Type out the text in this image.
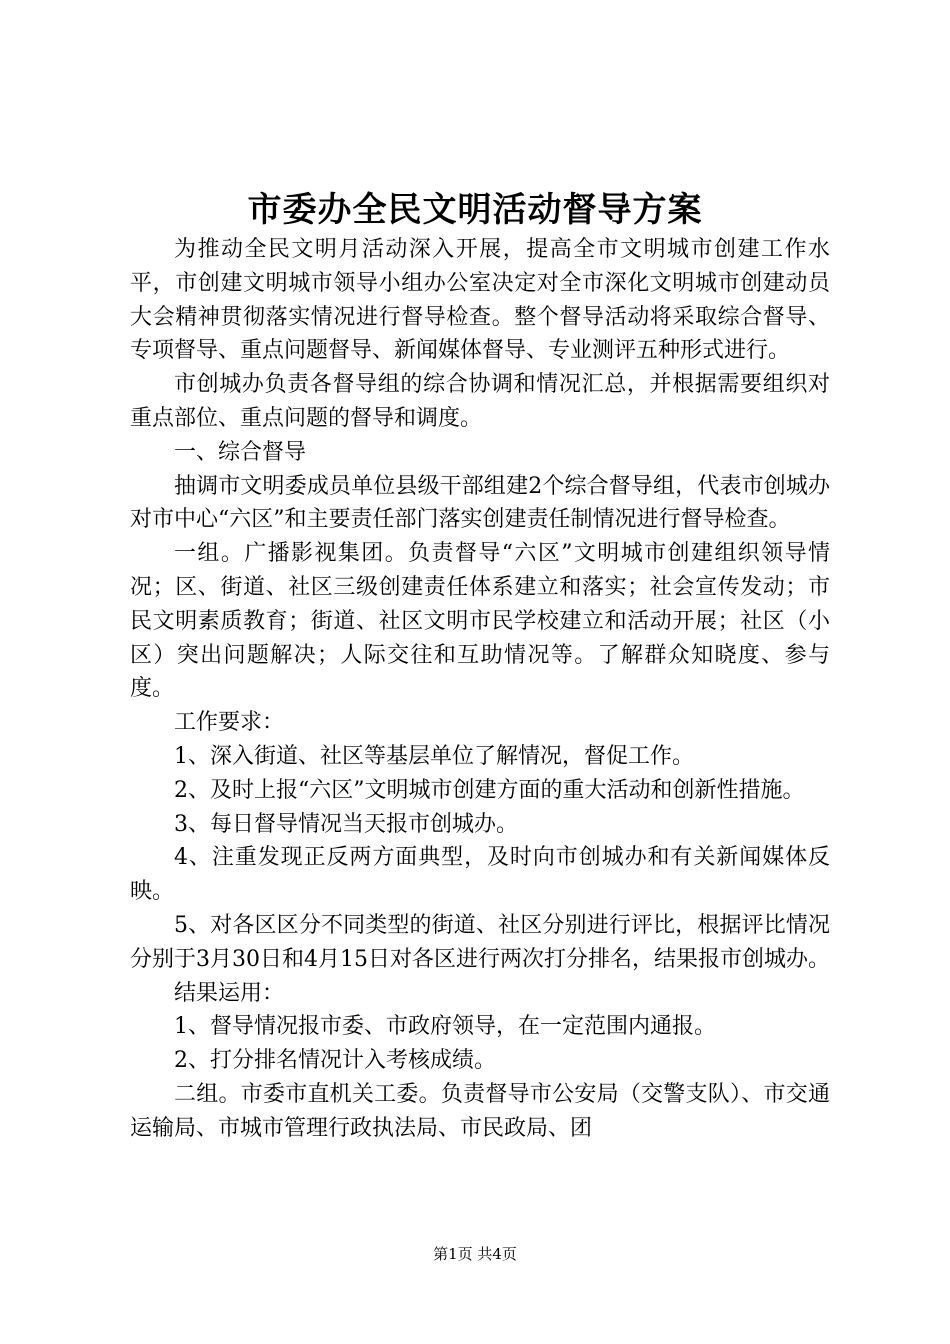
市委办全民文明活动督导方案

为推动全民文明月活动深入开展，提高全市文明城市创建工作水平，市创建文明城市领导小组办公室决定对全市深化文明城市创建动员大会精神贯彻落实情况进行督导检查。整个督导活动将采取综合督导、专项督导、重点问题督导、新闻媒体督导、专业测评五种形式进行。

市创城办负责各督导组的综合协调和情况汇总，并根据需要组织对重点部位、重点问题的督导和调度。

一、综合督导

抽调市文明委成员单位县级干部组建2个综合督导组，代表市创城办对市中心“六区”和主要责任部门落实创建责任制情况进行督导检查。

一组。广播影视集团。负责督导“六区”文明城市创建组织领导情况；区、街道、社区三级创建责任体系建立和落实；社会宣传发动；市民文明素质教育；街道、社区文明市民学校建立和活动开展；社区（小区）突出问题解决；人际交往和互助情况等。了解群众知晓度、参与度。

工作要求：

1、深入街道、社区等基层单位了解情况，督促工作。

2、及时上报“六区”文明城市创建方面的重大活动和创新性措施。

3、每日督导情况当天报市创城办。

4、注重发现正反两方面典型，及时向市创城办和有关新闻媒体反映。

5、对各区区分不同类型的街道、社区分别进行评比，根据评比情况分别于3月30日和4月15日对各区进行两次打分排名，结果报市创城办。

结果运用：

1、督导情况报市委、市政府领导，在一定范围内通报。

2、打分排名情况计入考核成绩。

二组。市委市直机关工委。负责督导市公安局（交警支队）、市交通运输局、市城市管理行政执法局、市民政局、团

第1页 共4页
